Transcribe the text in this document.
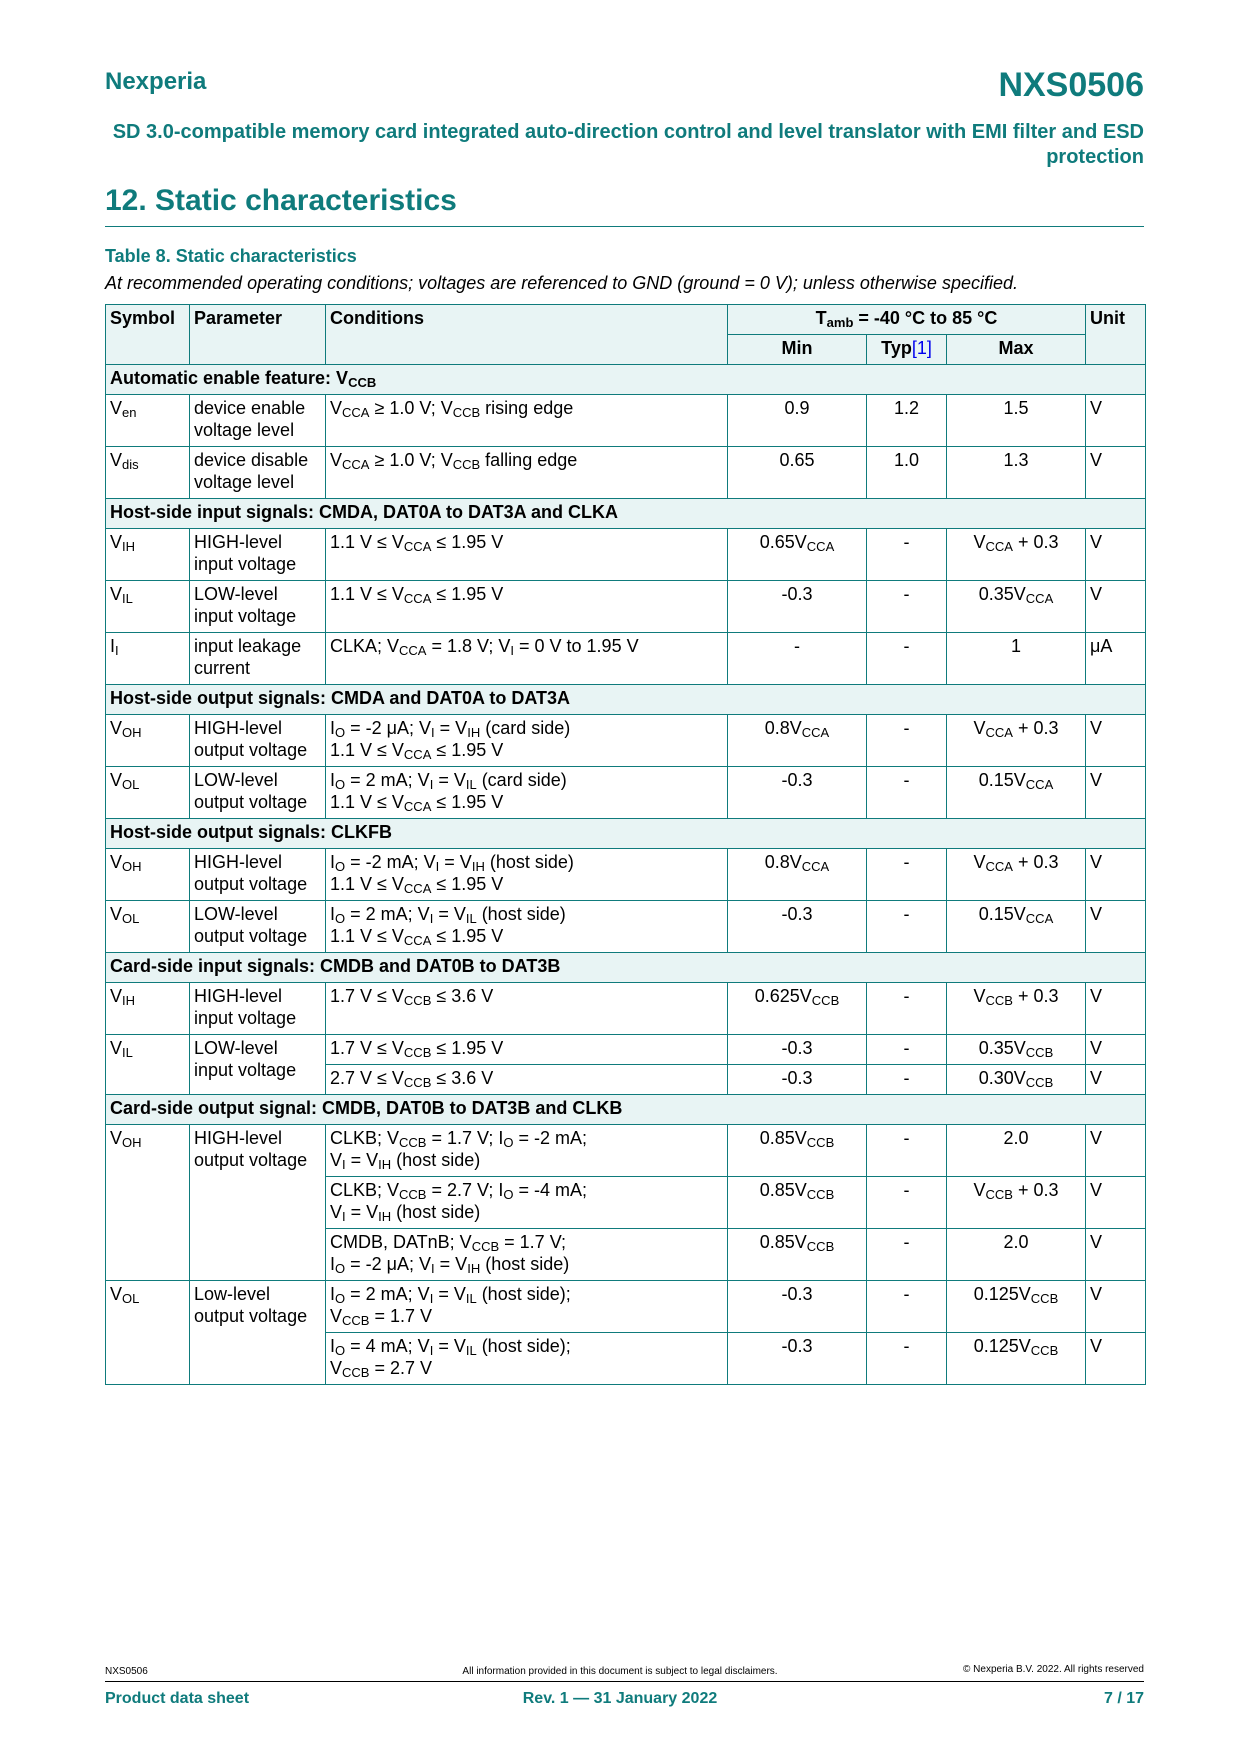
Nexperia	NXS0506
SD 3.0-compatible memory card integrated auto-direction control and level translator with EMI filter and ESD protection
12. Static characteristics
Table 8. Static characteristics
At recommended operating conditions; voltages are referenced to GND (ground = 0 V); unless otherwise specified.
Symbol	Parameter	Conditions	$T_{amb} = -40$ °C to 85 °C			Unit
			Min	Typ[1]	Max	
Automatic enable feature: $V_{CCB}$
$V_{en}$	device enable voltage level	$V_{CCA} \ge 1.0$ V; $V_{CCB}$ rising edge	0.9	1.2	1.5	V
$V_{dis}$	device disable voltage level	$V_{CCA} \ge 1.0$ V; $V_{CCB}$ falling edge	0.65	1.0	1.3	V
Host-side input signals: CMDA, DAT0A to DAT3A and CLKA						
$V_{IH}$	HIGH-level input voltage	1.1 $V \le V_{CCA} \le 1.95$ V	$0.65V_{CCA}$	-	$V_{CCA} + 0.3$	V
$V_{IL}$	LOW-level input voltage	1.1 $V \le V_{CCA} \le 1.95$ V	-0.3	-	$0.35V_{CCA}$	V
$I_I$	input leakage current	CLKA; $V_{CCA} = 1.8$ V; $V_I = 0$ V to 1.95 V	-	-	1	μA
Host-side output signals: CMDA and DAT0A to DAT3A						
$V_{OH}$	HIGH-level output voltage	$I_O = -2$ μA; $V_I = V_{IH}$ (card side)
1.1 $V \le V_{CCA} \le 1.95$ V	$0.8V_{CCA}$	-	$V_{CCA} + 0.3$	V
$V_{OL}$	LOW-level output voltage	$I_O = 2$ mA; $V_I = V_{IL}$ (card side)
1.1 $V \le V_{CCA} \le 1.95$ V	-0.3	-	$0.15V_{CCA}$	V
Host-side output signals: CLKFB						
$V_{OH}$	HIGH-level output voltage	$I_O = -2$ mA; $V_I = V_{IH}$ (host side)
1.1 $V \le V_{CCA} \le 1.95$ V	$0.8V_{CCA}$	-	$V_{CCA} + 0.3$	V
$V_{OL}$	LOW-level output voltage	$I_O = 2$ mA; $V_I = V_{IL}$ (host side)
1.1 $V \le V_{CCA} \le 1.95$ V	-0.3	-	$0.15V_{CCA}$	V
Card-side input signals: CMDB and DAT0B to DAT3B						
$V_{IH}$	HIGH-level input voltage	1.7 $V \le V_{CCB} \le 3.6$ V	$0.625V_{CCB}$	-	$V_{CCB} + 0.3$	V
$V_{IL}$	LOW-level input voltage	1.7 $V \le V_{CCB} \le 1.95$ V	-0.3	-	$0.35V_{CCB}$	V
		2.7 $V \le V_{CCB} \le 3.6$ V	-0.3	-	$0.30V_{CCB}$	V
Card-side output signal: CMDB, DAT0B to DAT3B and CLKB						
$V_{OH}$	HIGH-level output voltage	CLKB; $V_{CCB} = 1.7$ V; $I_O = -2$ mA;
$V_I = V_{IH}$ (host side)	$0.85V_{CCB}$	-	2.0	V
		CLKB; $V_{CCB} = 2.7$ V; $I_O = -4$ mA;
$V_I = V_{IH}$ (host side)	$0.85V_{CCB}$	-	$V_{CCB} + 0.3$	V
		CMDB, DATnB; $V_{CCB} = 1.7$ V;
$I_O = -2$ μA; $V_I = V_{IH}$ (host side)	$0.85V_{CCB}$	-	2.0	V
$V_{OL}$	Low-level output voltage	$I_O = 2$ mA; $V_I = V_{IL}$ (host side);
$V_{CCB} = 1.7$ V	-0.3	-	$0.125V_{CCB}$	V
		$I_O = 4$ mA; $V_I = V_{IL}$ (host side);
$V_{CCB} = 2.7$ V	-0.3	-	$0.125V_{CCB}$	V
NXS0506	All information provided in this document is subject to legal disclaimers.	© Nexperia B.V. 2022. All rights reserved
Product data sheet	Rev. 1 — 31 January 2022	7 / 17
